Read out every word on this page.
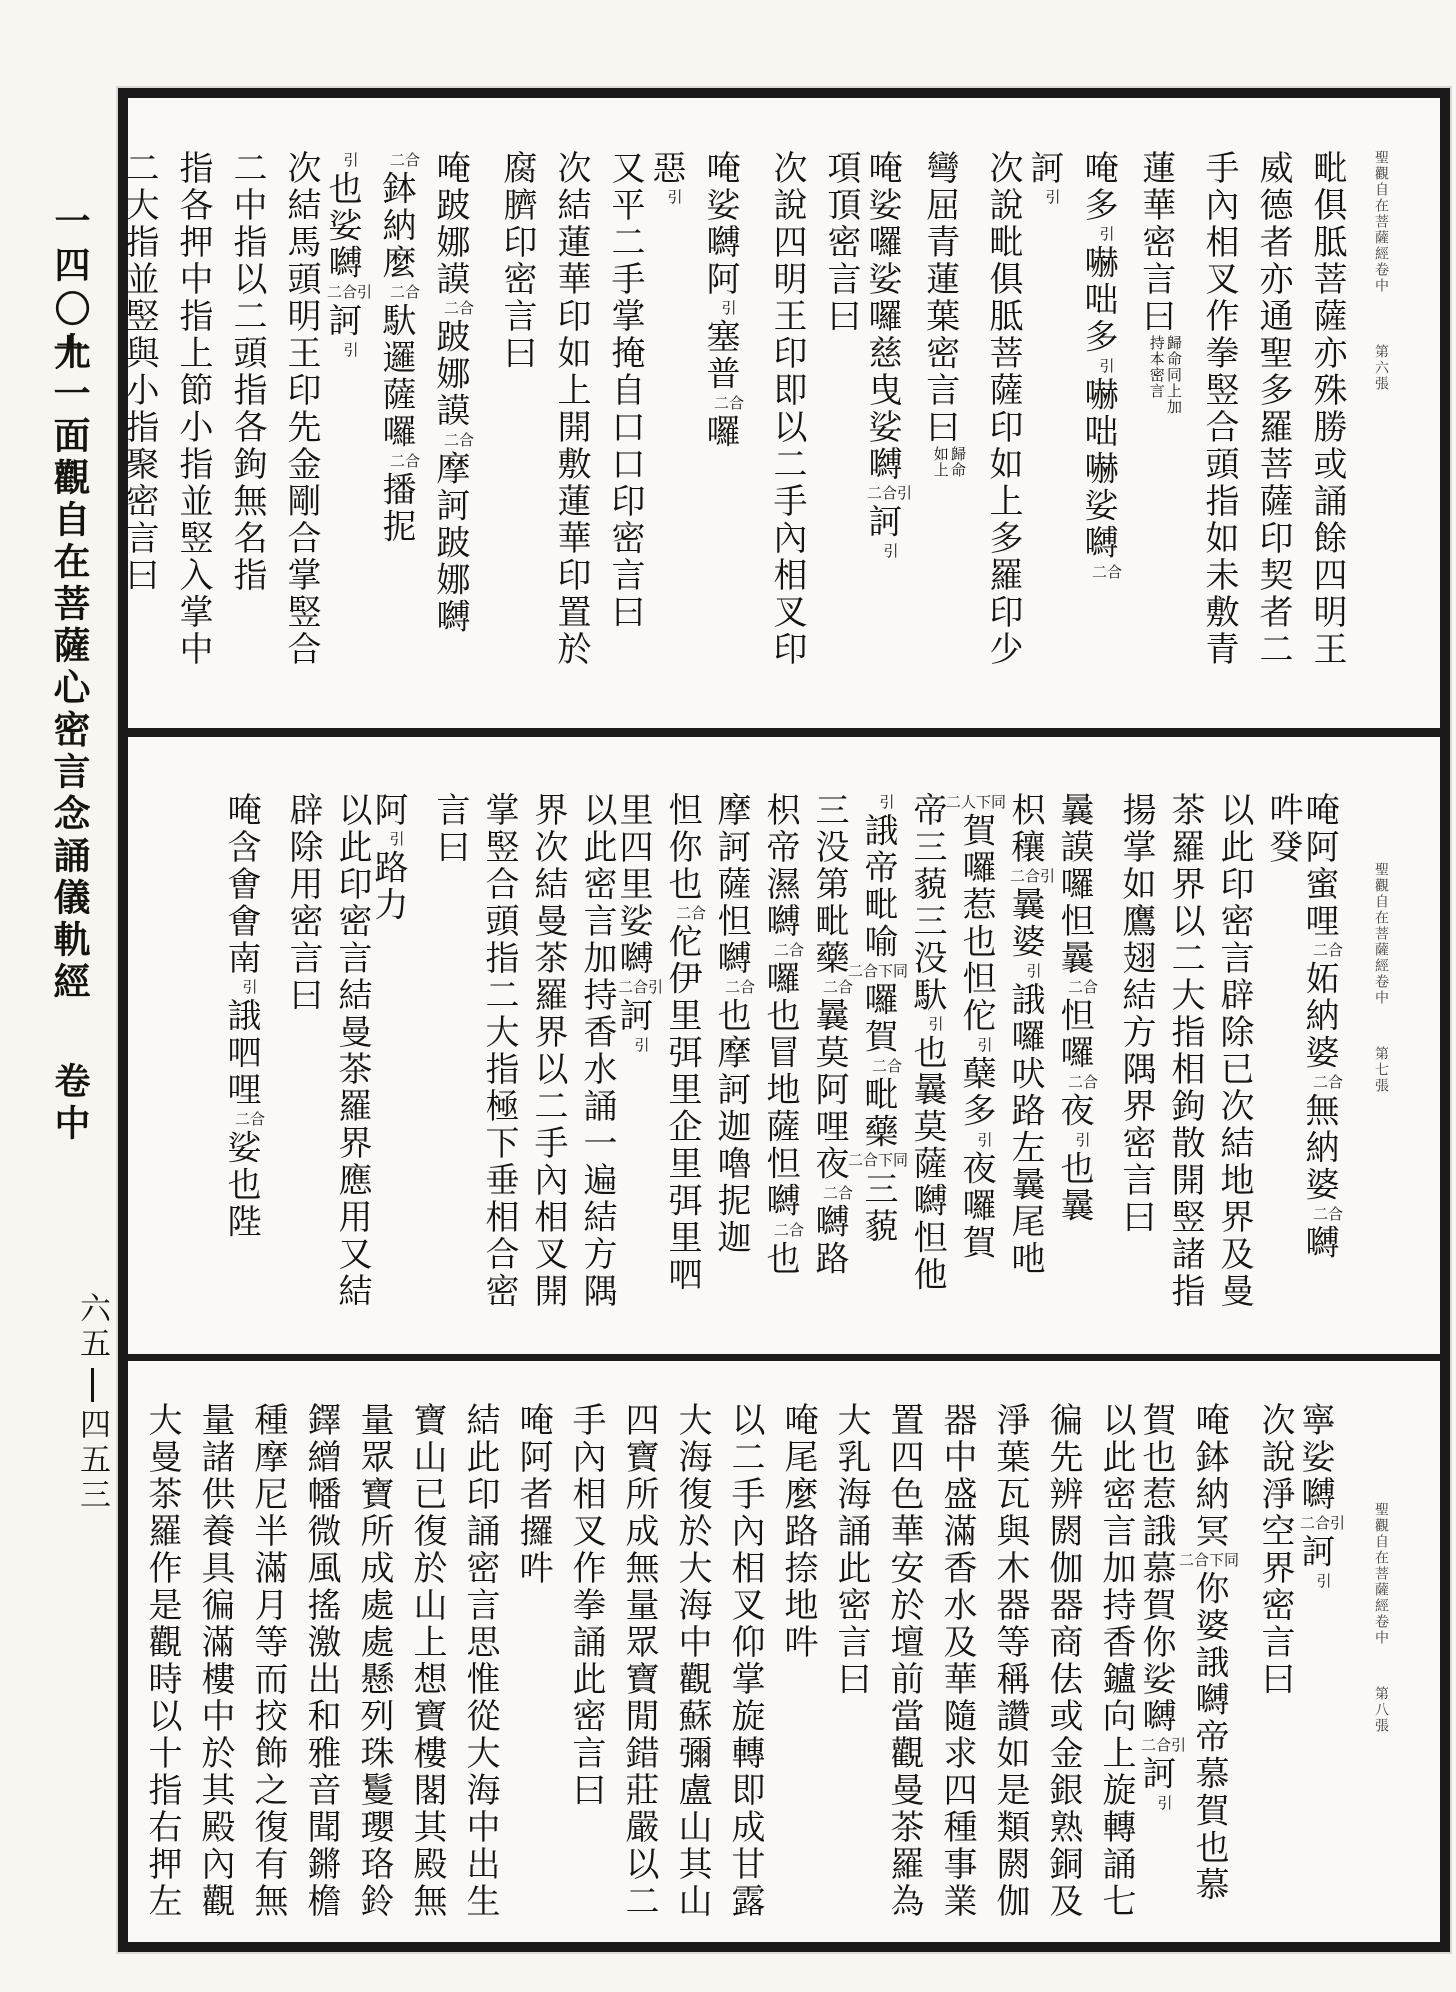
一四〇九
十一面觀自在菩薩心密言念誦儀軌經
卷中
六五四五三
聖觀自在菩薩經卷中第六張
毗俱胝菩薩亦殊勝或誦餘四明王
威德者亦通聖多羅菩薩印契者二
手內相叉作拳竪合頭指如未敷青
蓮華密言曰
歸命同上加
持本密言
唵多引嚇咄多引嚇咄嚇娑嚩二合
訶引
次說毗俱胝菩薩印如上多羅印少
彎屈青蓮葉密言曰
歸命
如上
唵娑囉娑囉慈曳娑嚩二合引訶引
項頂密言曰
次說四明王印即以二手內相叉印
唵娑嚩阿引塞普二合囉
惡引
又平二手掌掩自口口印密言曰
次結蓮華印如上開敷蓮華印置於
腐臍印密言曰
唵跛娜謨二合跛娜謨二合摩訶跛娜嚩
二合鉢納麼二合馱邏薩囉二合播抳
引也娑嚩二合引訶引
次結馬頭明王印先金剛合掌竪合
二中指以二頭指各鉤無名指
指各押中指上節小指並竪入掌中
二大指並竪與小指聚密言曰
聖觀自在菩薩經卷中第七張
唵阿蜜哩二合妬納婆二合無納婆二合嚩
吽癹
以此印密言辟除已次結地界及曼
茶羅界以二大指相鉤散開竪諸指
揚掌如鷹翅結方隅界密言曰
曩謨囉怛曩二合怛囉二合夜引也曩
枳穰二合引曩婆引誐囉吠路左曩尾吔
二人下同賀囉惹也怛佗引蘖多引夜囉賀
帝三藐三没馱引也曩莫薩嚩怛他
引誐帝毗喻二合下同囉賀二合毗藥二合下同三藐
三没第毗藥二合曩莫阿哩夜二合嚩路
枳帝濕嚩二合囉也冒地薩怛嚩二合也
摩訶薩怛嚩二合也摩訶迦嚕抳迦
怛你也二合佗伊里弭里企里弭里呬
里四里娑嚩二合引訶引
以此密言加持香水誦一遍結方隅
界次結曼茶羅界以二手內相叉開
掌竪合頭指二大指極下垂相合密
言曰
阿引路力
以此印密言結曼茶羅界應用又結
辟除用密言曰
唵含㑹㑹南引誐呬哩二合娑也陛
聖觀自在菩薩經卷中第八張
寧娑嚩二合引訶引
次說淨空界密言曰
唵鉢納冥二合下同你婆誐嚩帝慕賀也慕
賀也惹誐慕賀你娑嚩二合引訶引
以此密言加持香鑪向上旋轉誦七
徧先辨閼伽器商佉或金銀熟銅及
淨葉瓦與木器等稱讚如是類閼伽
器中盛滿香水及華隨求四種事業
置四色華安於壇前當觀曼茶羅為
大乳海誦此密言曰
唵尾麼路捺地吽
以二手內相叉仰掌旋轉即成甘露
大海復於大海中觀蘇彌盧山其山
四寶所成無量眾寶閒錯莊嚴以二
手內相叉作拳誦此密言曰
唵阿者攞吽
結此印誦密言思惟從大海中出生
寶山已復於山上想寶樓閣其殿無
量眾寶所成處處懸列珠鬘瓔珞鈴
鐸繒幡微風搖激出和雅音聞鏘檐
種摩尼半滿月等而挍飾之復有無
量諸供養具徧滿樓中於其殿內觀
大曼茶羅作是觀時以十指右押左
